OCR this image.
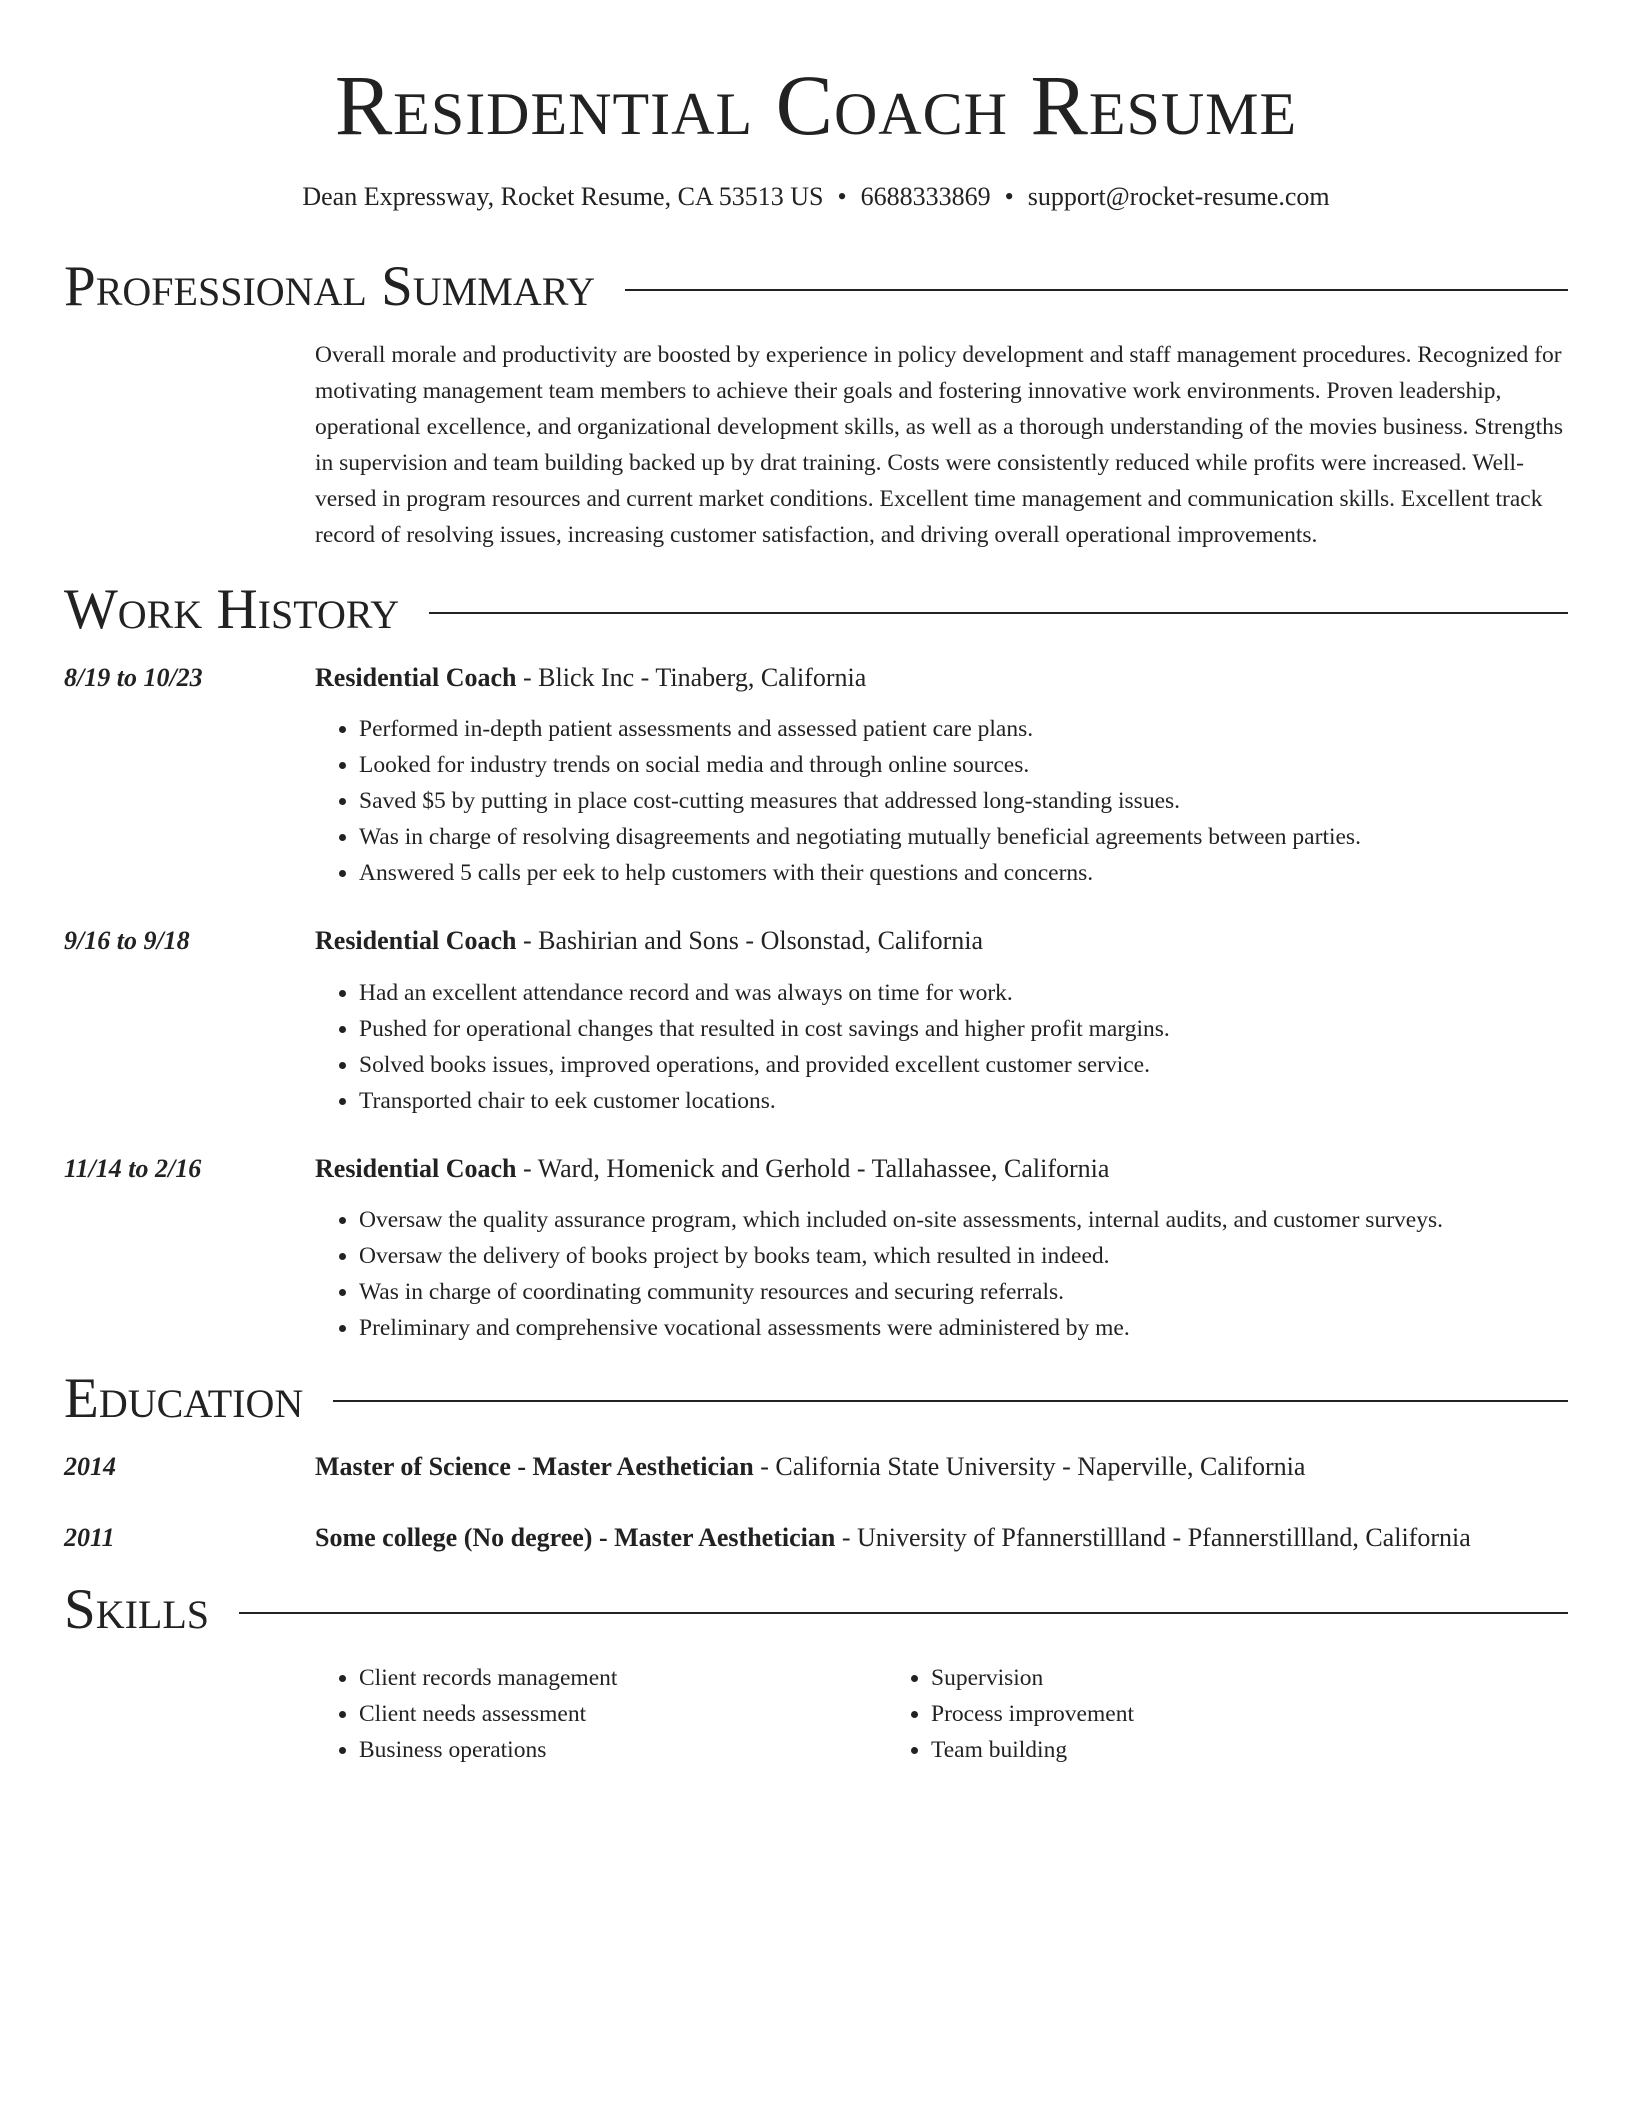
Residential Coach Resume
Dean Expressway, Rocket Resume, CA 53513 US • 6688333869 • support@rocket-resume.com
Professional Summary
Overall morale and productivity are boosted by experience in policy development and staff management procedures. Recognized for motivating management team members to achieve their goals and fostering innovative work environments. Proven leadership, operational excellence, and organizational development skills, as well as a thorough understanding of the movies business. Strengths in supervision and team building backed up by drat training. Costs were consistently reduced while profits were increased. Well-versed in program resources and current market conditions. Excellent time management and communication skills. Excellent track record of resolving issues, increasing customer satisfaction, and driving overall operational improvements.
Work History
8/19 to 10/23	Residential Coach - Blick Inc - Tinaberg, California
• Performed in-depth patient assessments and assessed patient care plans.
• Looked for industry trends on social media and through online sources.
• Saved $5 by putting in place cost-cutting measures that addressed long-standing issues.
• Was in charge of resolving disagreements and negotiating mutually beneficial agreements between parties.
• Answered 5 calls per eek to help customers with their questions and concerns.
9/16 to 9/18	Residential Coach - Bashirian and Sons - Olsonstad, California
• Had an excellent attendance record and was always on time for work.
• Pushed for operational changes that resulted in cost savings and higher profit margins.
• Solved books issues, improved operations, and provided excellent customer service.
• Transported chair to eek customer locations.
11/14 to 2/16	Residential Coach - Ward, Homenick and Gerhold - Tallahassee, California
• Oversaw the quality assurance program, which included on-site assessments, internal audits, and customer surveys.
• Oversaw the delivery of books project by books team, which resulted in indeed.
• Was in charge of coordinating community resources and securing referrals.
• Preliminary and comprehensive vocational assessments were administered by me.
Education
2014	Master of Science - Master Aesthetician - California State University - Naperville, California
2011	Some college (No degree) - Master Aesthetician - University of Pfannerstillland - Pfannerstillland, California
Skills
• Client records management
• Client needs assessment
• Business operations
• Supervision
• Process improvement
• Team building
